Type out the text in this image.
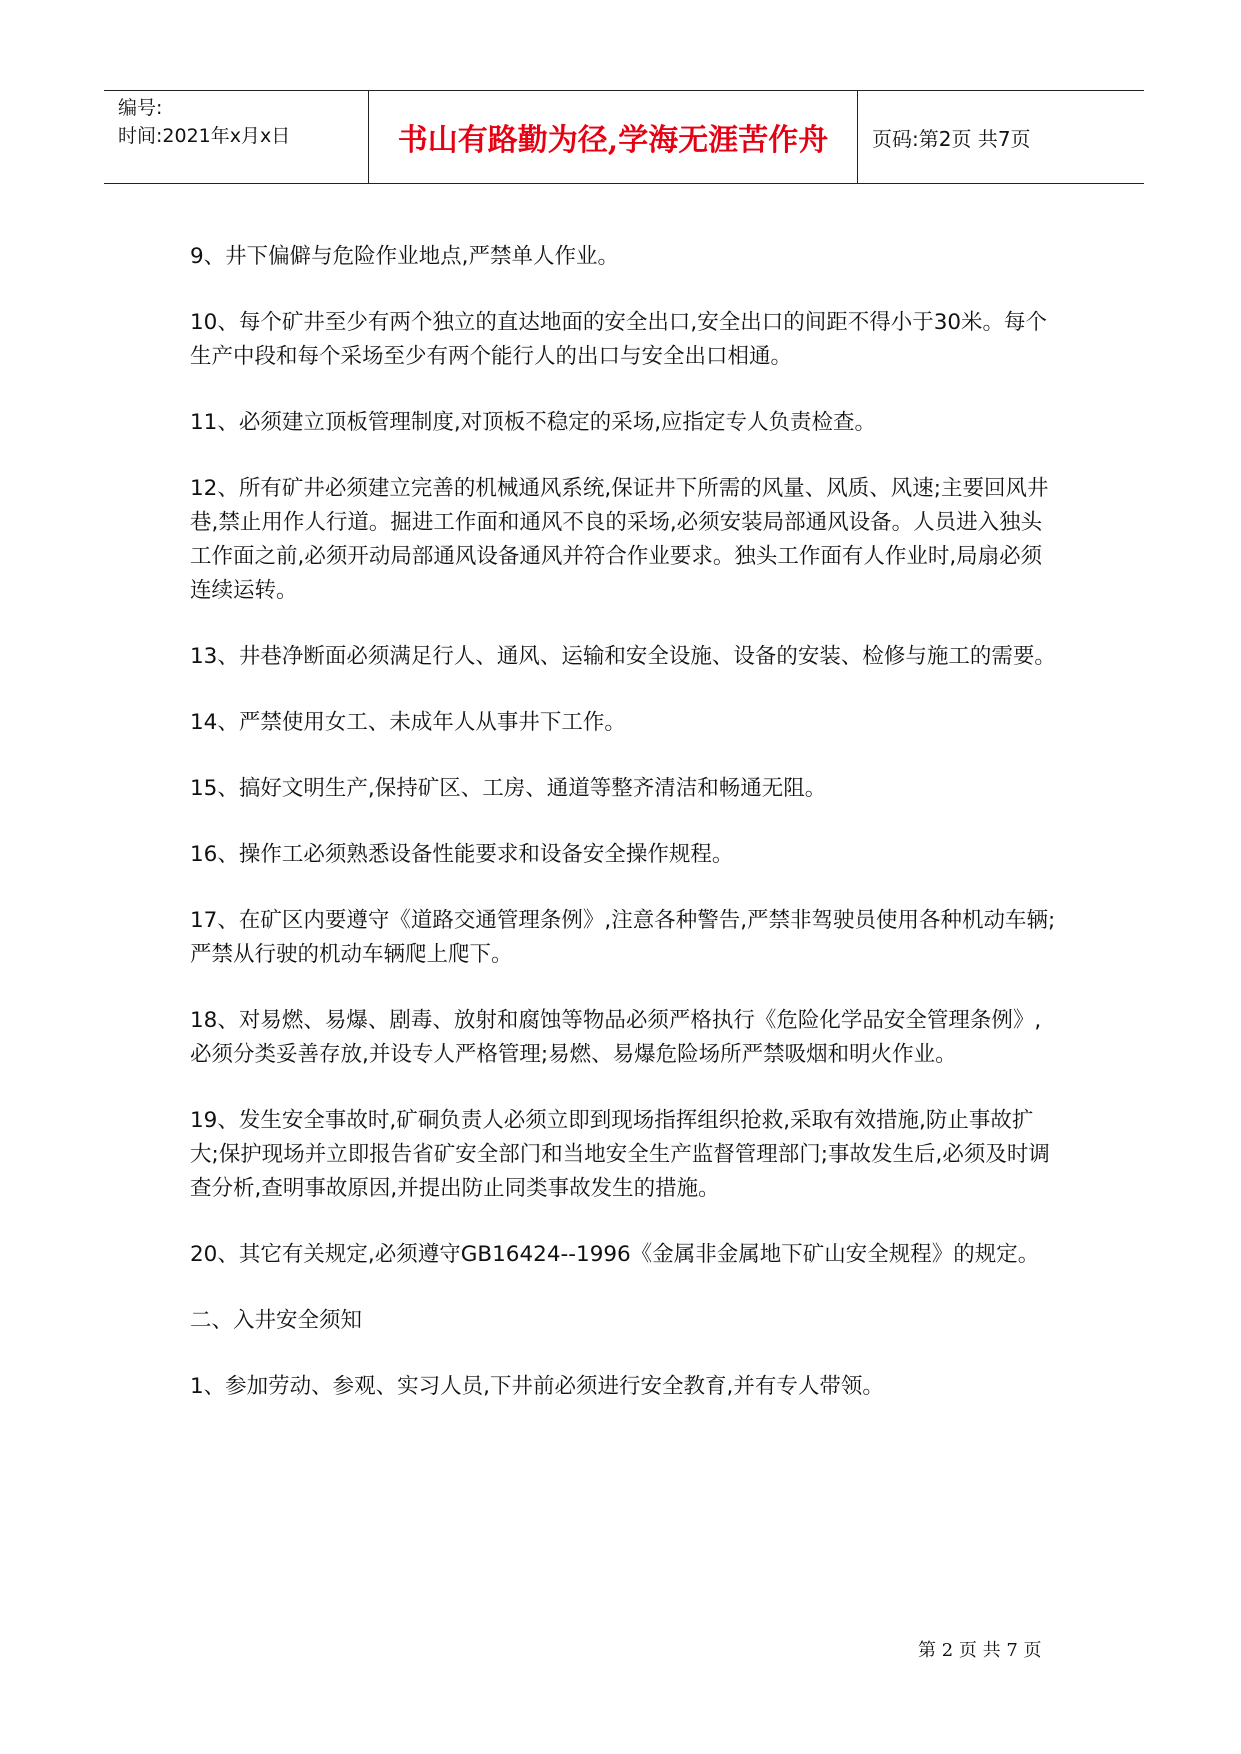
编号:
时间:2021年x月x日	书山有路勤为径,学海无涯苦作舟 页码:第2页 共7页

9、井下偏僻与危险作业地点,严禁单人作业。

10、每个矿井至少有两个独立的直达地面的安全出口,安全出口的间距不得小于30米。每个生产中段和每个采场至少有两个能行人的出口与安全出口相通。

11、必须建立顶板管理制度,对顶板不稳定的采场,应指定专人负责检查。

12、所有矿井必须建立完善的机械通风系统,保证井下所需的风量、风质、风速;主要回风井巷,禁止用作人行道。掘进工作面和通风不良的采场,必须安装局部通风设备。人员进入独头工作面之前,必须开动局部通风设备通风并符合作业要求。独头工作面有人作业时,局扇必须连续运转。

13、井巷净断面必须满足行人、通风、运输和安全设施、设备的安装、检修与施工的需要。

14、严禁使用女工、未成年人从事井下工作。

15、搞好文明生产,保持矿区、工房、通道等整齐清洁和畅通无阻。

16、操作工必须熟悉设备性能要求和设备安全操作规程。

17、在矿区内要遵守《道路交通管理条例》,注意各种警告,严禁非驾驶员使用各种机动车辆;严禁从行驶的机动车辆爬上爬下。

18、对易燃、易爆、剧毒、放射和腐蚀等物品必须严格执行《危险化学品安全管理条例》,必须分类妥善存放,并设专人严格管理;易燃、易爆危险场所严禁吸烟和明火作业。

19、发生安全事故时,矿硐负责人必须立即到现场指挥组织抢救,采取有效措施,防止事故扩大;保护现场并立即报告省矿安全部门和当地安全生产监督管理部门;事故发生后,必须及时调查分析,查明事故原因,并提出防止同类事故发生的措施。

20、其它有关规定,必须遵守GB16424--1996《金属非金属地下矿山安全规程》的规定。

二、入井安全须知

1、参加劳动、参观、实习人员,下井前必须进行安全教育,并有专人带领。

第 2 页 共 7 页
